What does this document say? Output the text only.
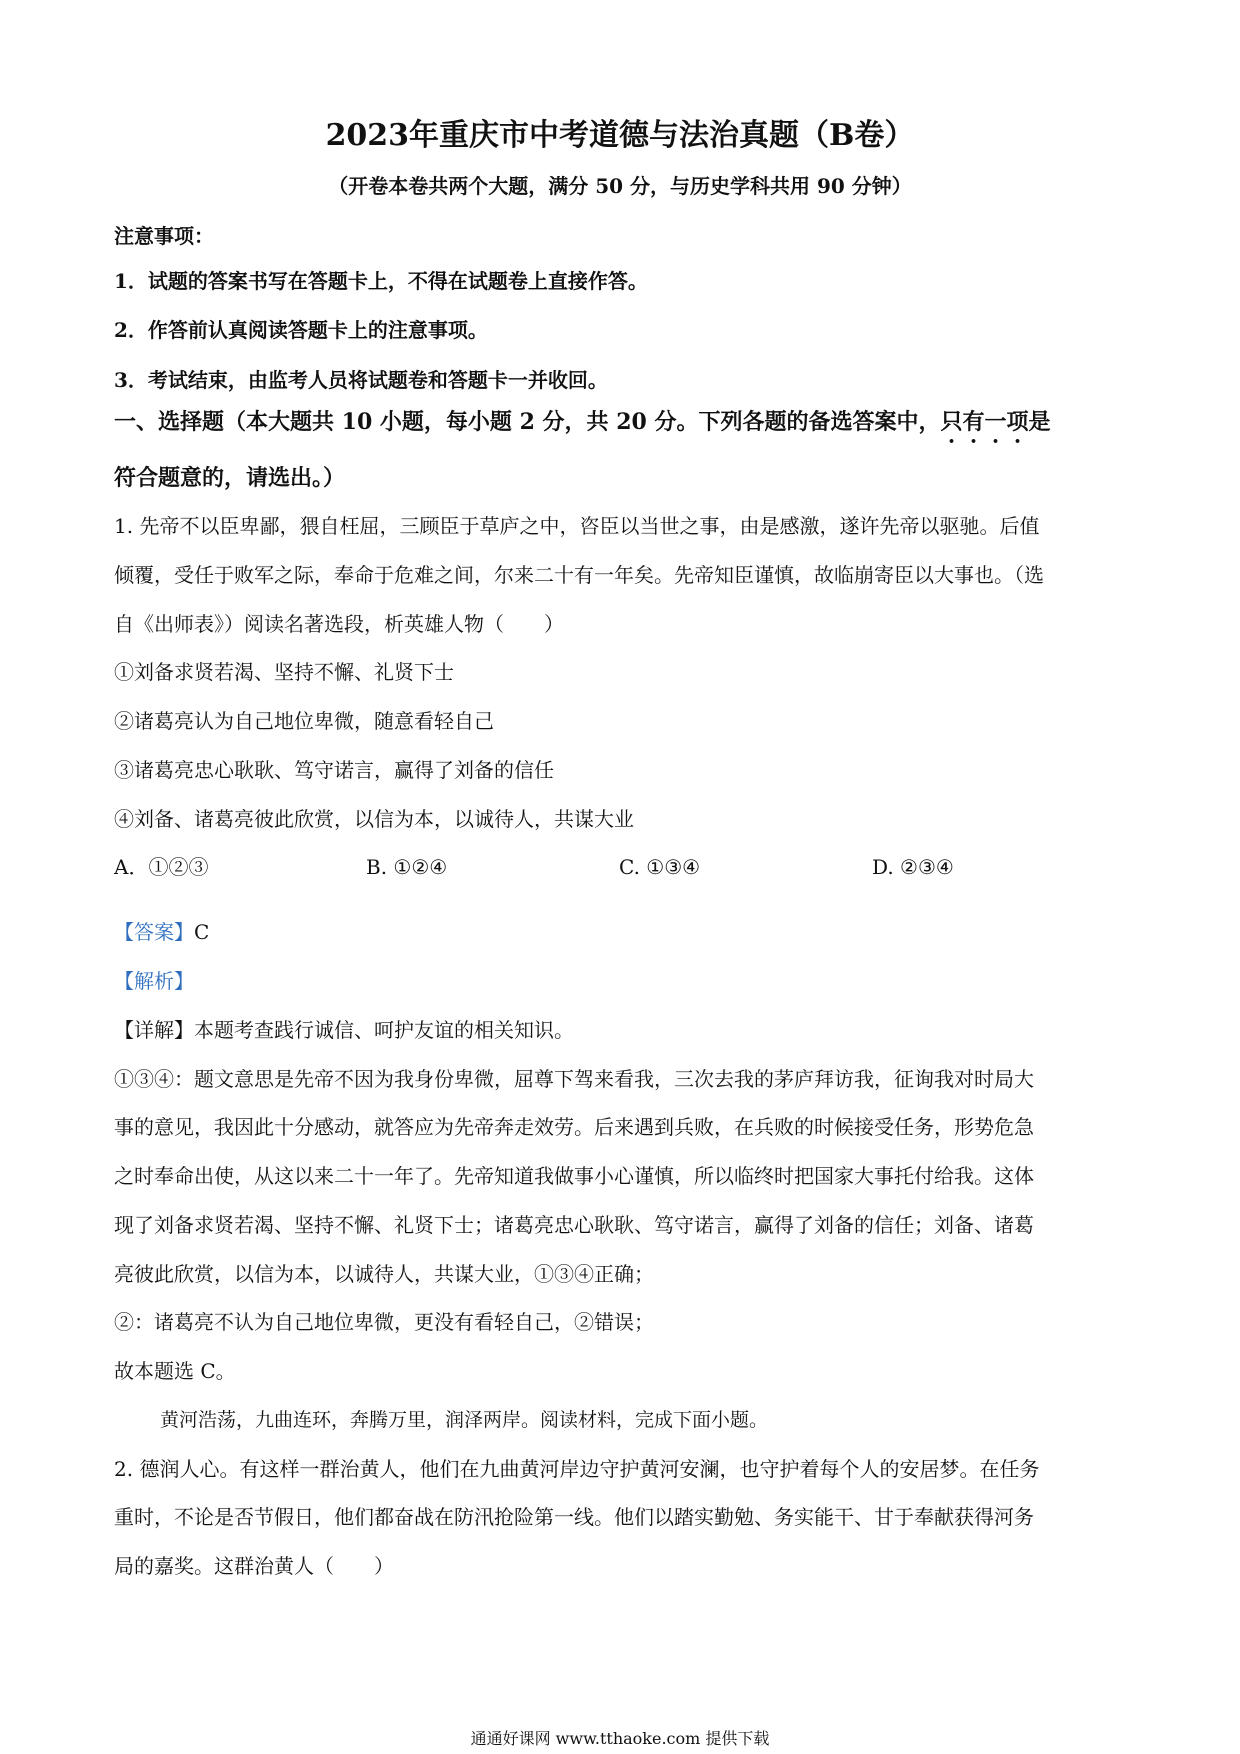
2023年重庆市中考道德与法治真题（B卷）
（开卷本卷共两个大题，满分 50 分，与历史学科共用 90 分钟）
注意事项：
1．试题的答案书写在答题卡上，不得在试题卷上直接作答。
2．作答前认真阅读答题卡上的注意事项。
3．考试结束，由监考人员将试题卷和答题卡一并收回。
一、选择题（本大题共 10 小题，每小题 2 分，共 20 分。下列各题的备选答案中，只有一项是
符合题意的，请选出。）
1. 先帝不以臣卑鄙，猥自枉屈，三顾臣于草庐之中，咨臣以当世之事，由是感激，遂许先帝以驱驰。后值
倾覆，受任于败军之际，奉命于危难之间，尔来二十有一年矣。先帝知臣谨慎，故临崩寄臣以大事也。（选
自《出师表》）阅读名著选段，析英雄人物（　　）
①刘备求贤若渴、坚持不懈、礼贤下士
②诸葛亮认为自己地位卑微，随意看轻自己
③诸葛亮忠心耿耿、笃守诺言，赢得了刘备的信任
④刘备、诸葛亮彼此欣赏，以信为本，以诚待人，共谋大业
A．①②③	B. ①②④	C. ①③④	D. ②③④
【答案】C
【解析】
【详解】本题考查践行诚信、呵护友谊的相关知识。
①③④：题文意思是先帝不因为我身份卑微，屈尊下驾来看我，三次去我的茅庐拜访我，征询我对时局大
事的意见，我因此十分感动，就答应为先帝奔走效劳。后来遇到兵败，在兵败的时候接受任务，形势危急
之时奉命出使，从这以来二十一年了。先帝知道我做事小心谨慎，所以临终时把国家大事托付给我。这体
现了刘备求贤若渴、坚持不懈、礼贤下士；诸葛亮忠心耿耿、笃守诺言，赢得了刘备的信任；刘备、诸葛
亮彼此欣赏，以信为本，以诚待人，共谋大业，①③④正确；
②：诸葛亮不认为自己地位卑微，更没有看轻自己，②错误；
故本题选 C。
黄河浩荡，九曲连环，奔腾万里，润泽两岸。阅读材料，完成下面小题。
2. 德润人心。有这样一群治黄人，他们在九曲黄河岸边守护黄河安澜，也守护着每个人的安居梦。在任务
重时，不论是否节假日，他们都奋战在防汛抢险第一线。他们以踏实勤勉、务实能干、甘于奉献获得河务
局的嘉奖。这群治黄人（　　）
通通好课网 www.tthaoke.com 提供下载
